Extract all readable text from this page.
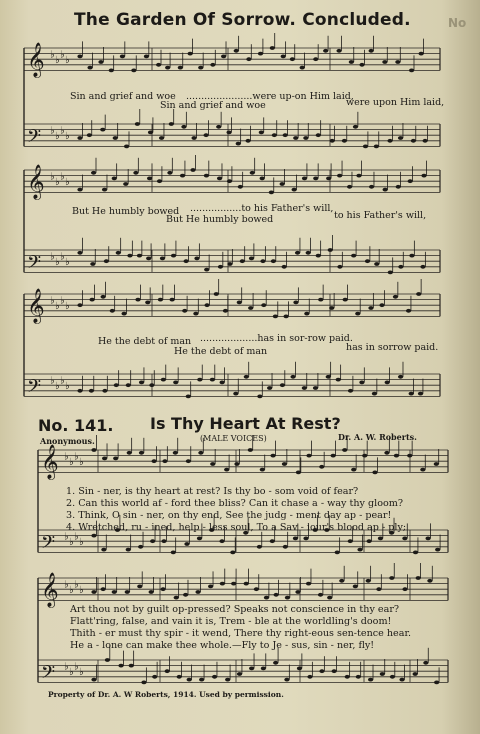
The Garden Of Sorrow. Concluded.	No
𝄞 ♭
♭
♭
♭
𝄢 ♭
♭
♭
♭
𝄞 ♭
♭
♭
♭
𝄢 ♭
♭
♭
♭
𝄞 ♭
♭
♭
♭
𝄢 ♭
♭
♭
♭
𝄞 ♭
♭
♭
♭
𝄢 ♭
♭
♭
♭
𝄞 ♭
♭
♭
♭
𝄢 ♭
♭
♭
♭
Sin and grief and woe ......................were up-on Him laid,
Sin and grief and woe	were upon Him laid,
But He humbly bowed .................to his Father's will,
But He humbly bowed	to his Father's will,
He the debt of man ...................has in sor-row paid.
He the debt of man	has in sorrow paid.
No. 141. Is Thy Heart At Rest?
Anonymous.	(MALE VOICES)	Dr. A. W. Roberts.
1. Sin - ner, is thy heart at rest? Is thy bo - som void of fear?
2. Can this world af - ford thee bliss? Can it chase a - way thy gloom?
3. Think, O sin - ner, on thy end, See the judg - ment day ap - pear!
4. Wretched, ru - ined, help - less soul, To a Sav - iour's blood ap - ply;
Art thou not by guilt op-pressed? Speaks not conscience in thy ear?
Flatt'ring, false, and vain it is, Trem - ble at the worldling's doom!
Thith - er must thy spir - it wend, There thy right-eous sen-tence hear.
He a - lone can make thee whole.—Fly to Je - sus, sin - ner, fly!
Property of Dr. A. W Roberts, 1914. Used by permission.
